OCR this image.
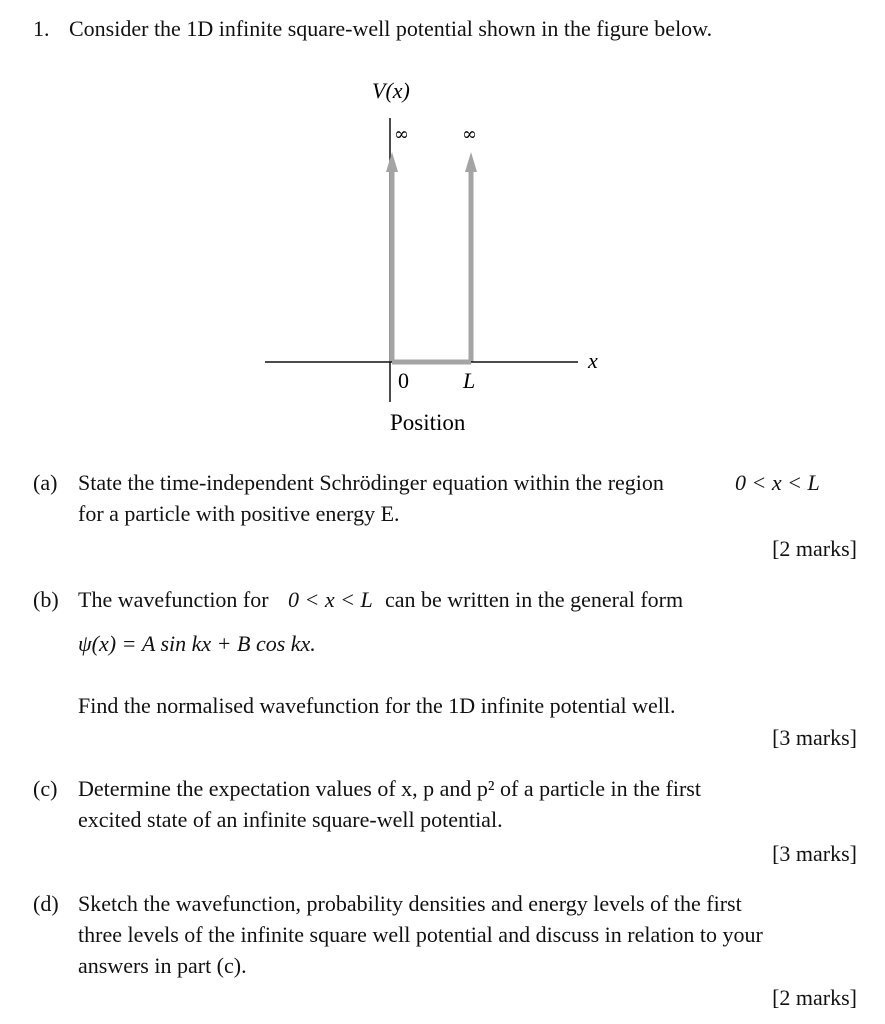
1. Consider the 1D infinite square-well potential shown in the figure below.
V(x)
∞	∞
x
0 L
Position
(a) State the time-independent Schrödinger equation within the region	0 < x < L
for a particle with positive energy E.
[2 marks]
(b) The wavefunction for 0 < x < L can be written in the general form
ψ(x) = A sin kx + B cos kx.
Find the normalised wavefunction for the 1D infinite potential well.
[3 marks]
(c) Determine the expectation values of x, p and p² of a particle in the first
excited state of an infinite square-well potential.
[3 marks]
(d) Sketch the wavefunction, probability densities and energy levels of the first
three levels of the infinite square well potential and discuss in relation to your
answers in part (c).
[2 marks]
